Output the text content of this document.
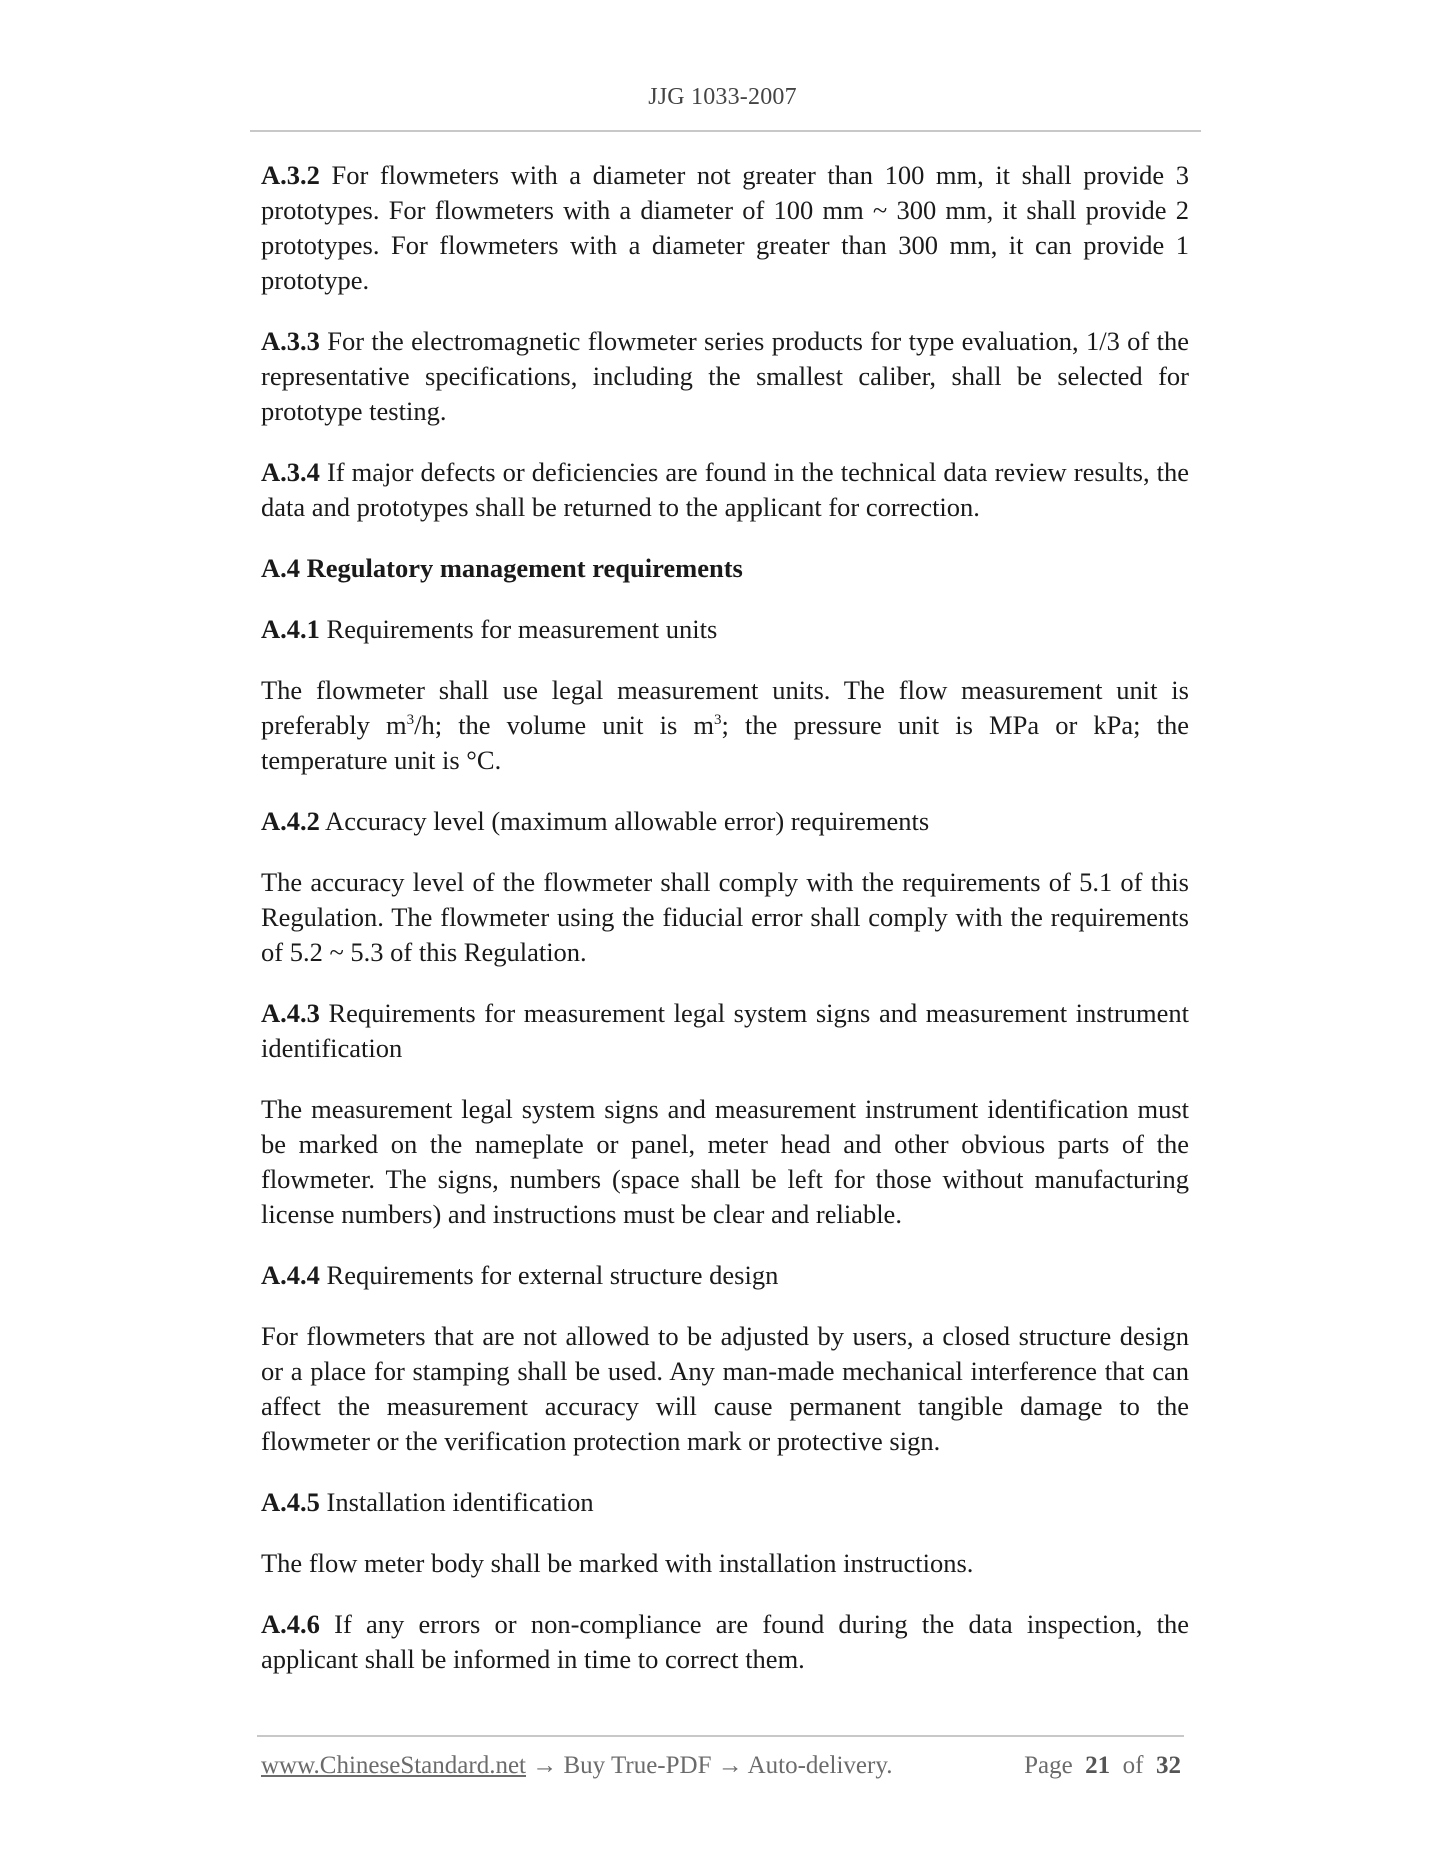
JJG 1033-2007

A.3.2 For flowmeters with a diameter not greater than 100 mm, it shall provide 3 prototypes. For flowmeters with a diameter of 100 mm ~ 300 mm, it shall provide 2 prototypes. For flowmeters with a diameter greater than 300 mm, it can provide 1 prototype.

A.3.3 For the electromagnetic flowmeter series products for type evaluation, 1/3 of the representative specifications, including the smallest caliber, shall be selected for prototype testing.

A.3.4 If major defects or deficiencies are found in the technical data review results, the data and prototypes shall be returned to the applicant for correction.

A.4 Regulatory management requirements

A.4.1 Requirements for measurement units

The flowmeter shall use legal measurement units. The flow measurement unit is preferably $m^3/h$; the volume unit is $m^3$; the pressure unit is MPa or kPa; the temperature unit is °C.

A.4.2 Accuracy level (maximum allowable error) requirements

The accuracy level of the flowmeter shall comply with the requirements of 5.1 of this Regulation. The flowmeter using the fiducial error shall comply with the requirements of 5.2 ~ 5.3 of this Regulation.

A.4.3 Requirements for measurement legal system signs and measurement instrument identification

The measurement legal system signs and measurement instrument identification must be marked on the nameplate or panel, meter head and other obvious parts of the flowmeter. The signs, numbers (space shall be left for those without manufacturing license numbers) and instructions must be clear and reliable.

A.4.4 Requirements for external structure design

For flowmeters that are not allowed to be adjusted by users, a closed structure design or a place for stamping shall be used. Any man-made mechanical interference that can affect the measurement accuracy will cause permanent tangible damage to the flowmeter or the verification protection mark or protective sign.

A.4.5 Installation identification

The flow meter body shall be marked with installation instructions.

A.4.6 If any errors or non-compliance are found during the data inspection, the applicant shall be informed in time to correct them.

www.ChineseStandard.net → Buy True-PDF → Auto-delivery.	Page 21 of 32
